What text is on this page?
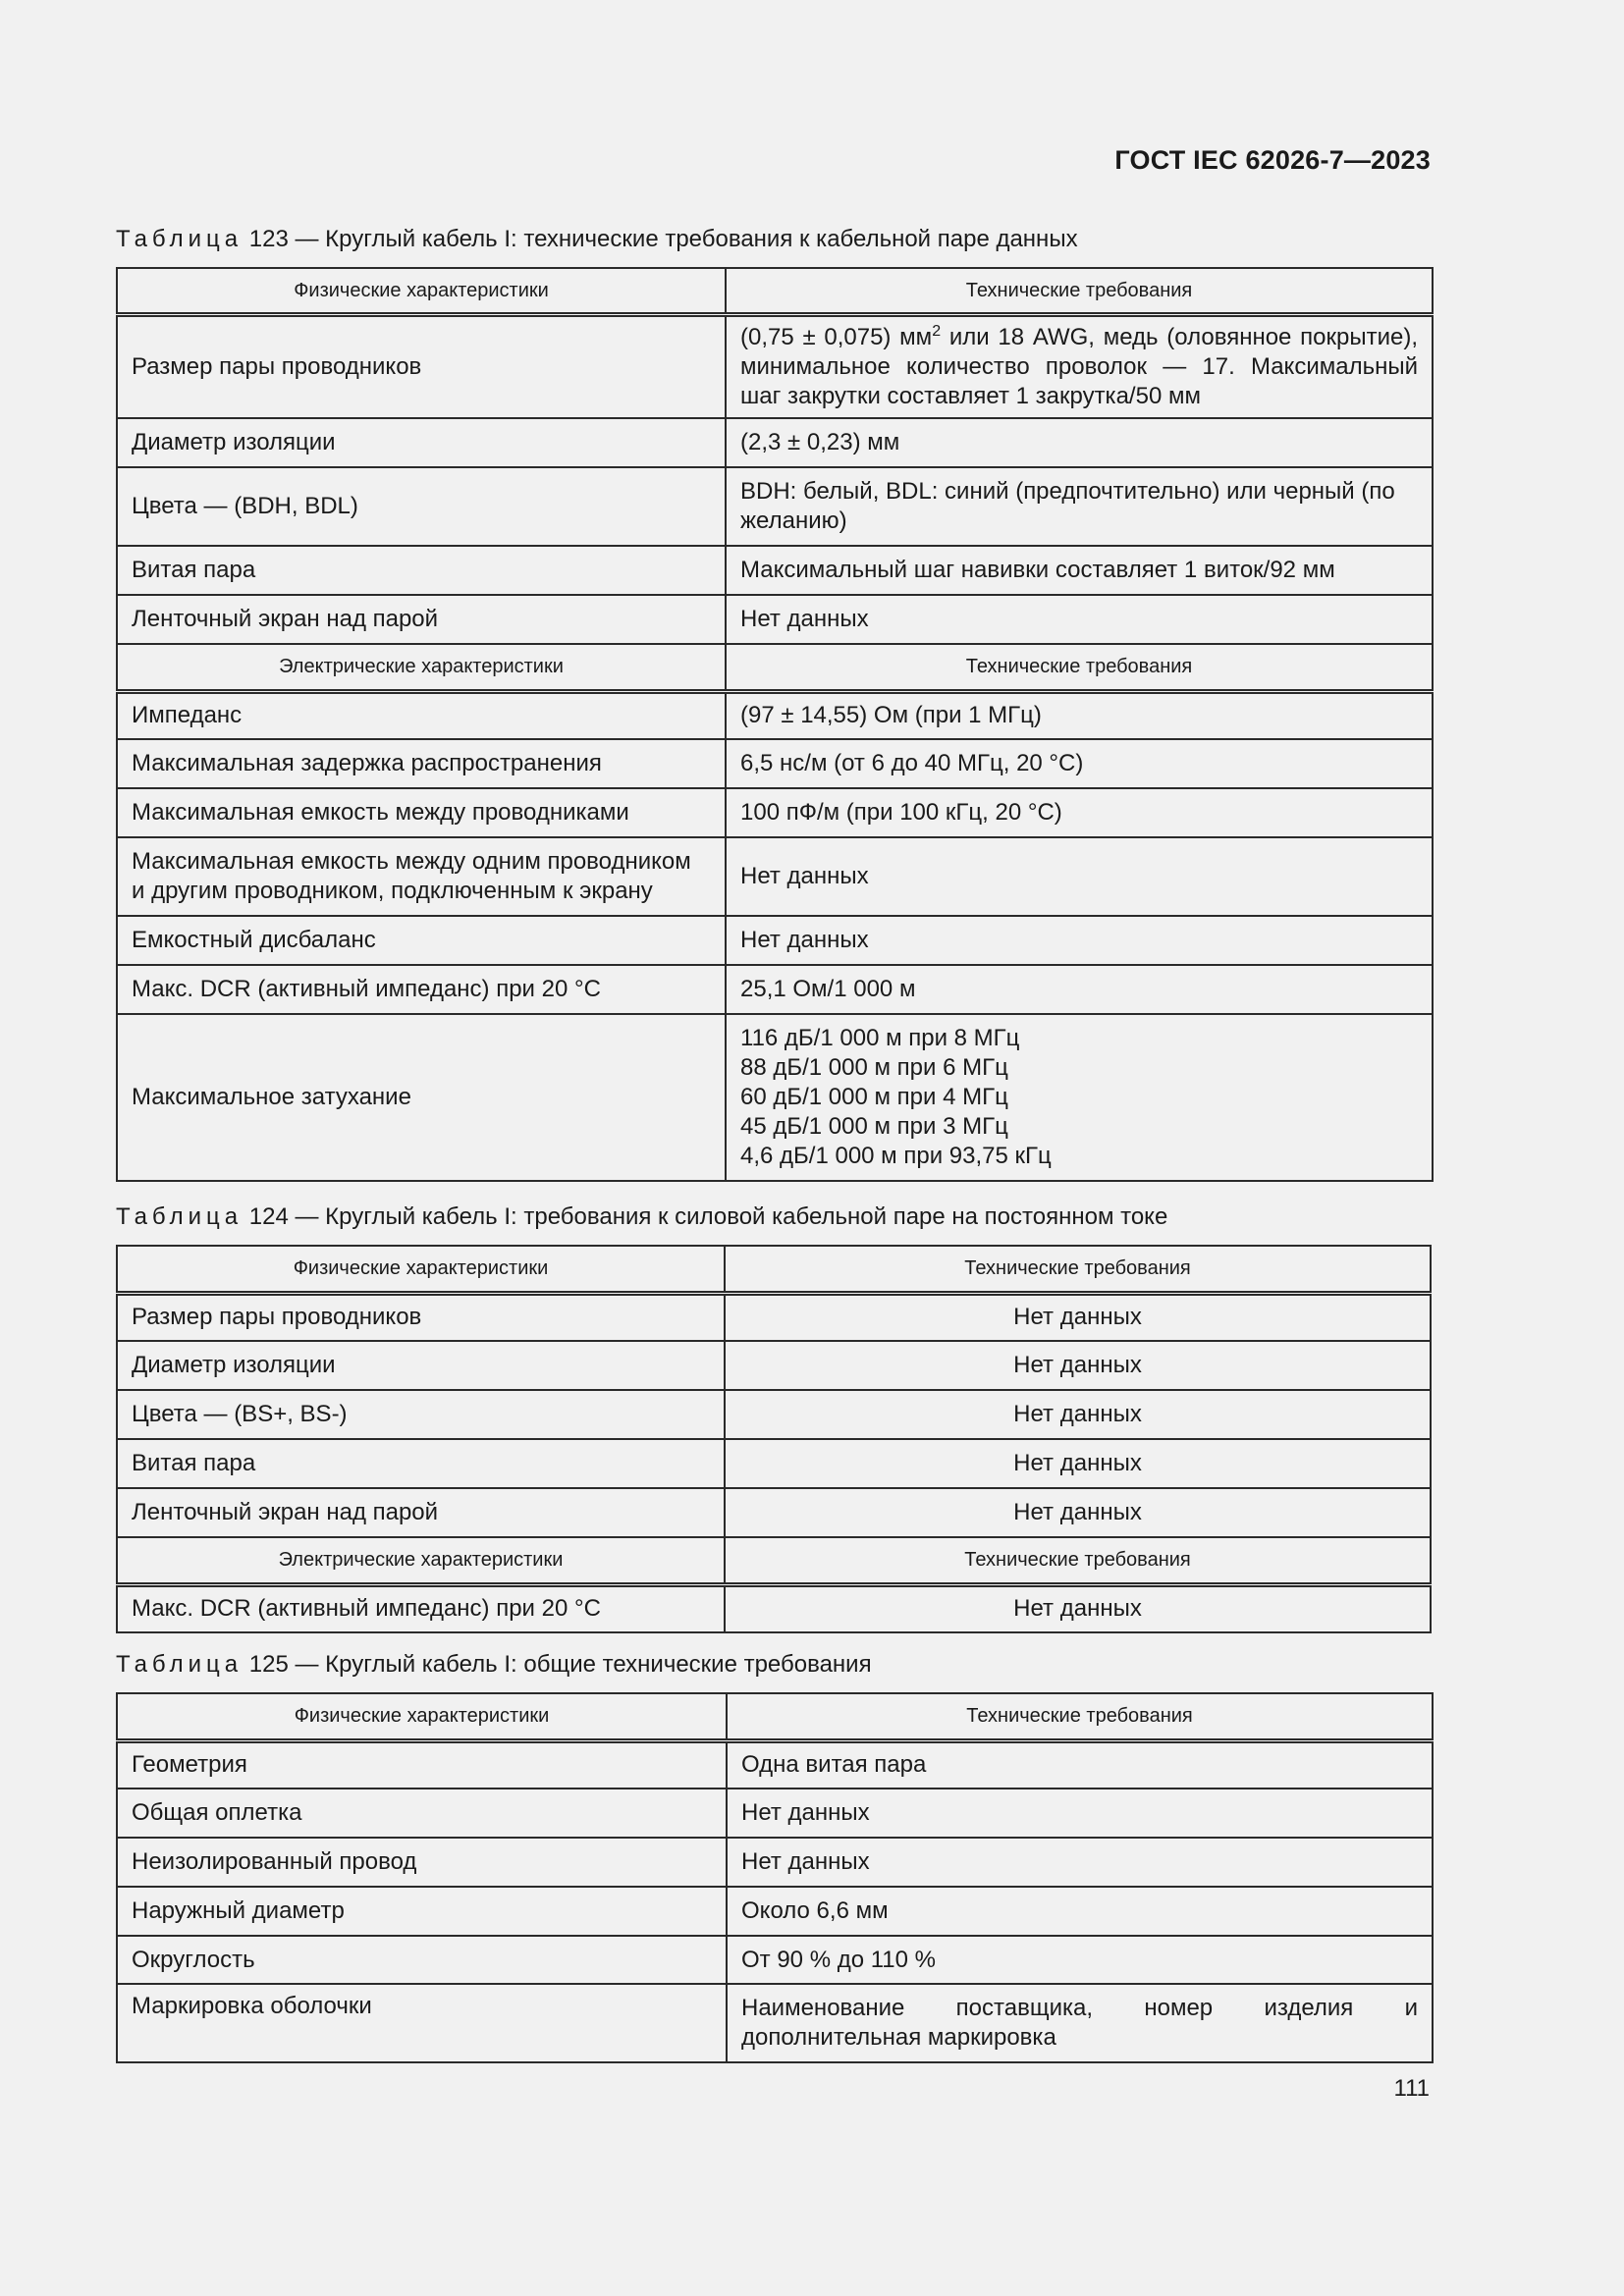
ГОСТ IEC 62026-7—2023
Таблица 123 — Круглый кабель I: технические требования к кабельной паре данных
Физические характеристики	Технические требования
Размер пары проводников	(0,75 ± 0,075) $мм^2$ или 18 AWG, медь (оловянное покрытие), минимальное количество проволок — 17. Максимальный шаг закрутки составляет 1 закрутка/50 мм
Диаметр изоляции	(2,3 ± 0,23) мм
Цвета — (BDH, BDL)	BDH: белый, BDL: синий (предпочтительно) или черный (по желанию)
Витая пара	Максимальный шаг навивки составляет 1 виток/92 мм
Ленточный экран над парой	Нет данных
Электрические характеристики	Технические требования
Импеданс	(97 ± 14,55) Ом (при 1 МГц)
Максимальная задержка распространения	6,5 нс/м (от 6 до 40 МГц, 20 °С)
Максимальная емкость между проводниками	100 пФ/м (при 100 кГц, 20 °С)
Максимальная емкость между одним проводником
и другим проводником, подключенным к экрану	Нет данных
Емкостный дисбаланс	Нет данных
Макс. DCR (активный импеданс) при 20 °С	25,1 Ом/1 000 м
Максимальное затухание	116 дБ/1 000 м при 8 МГц
88 дБ/1 000 м при 6 МГц
60 дБ/1 000 м при 4 МГц
45 дБ/1 000 м при 3 МГц
4,6 дБ/1 000 м при 93,75 кГц
Таблица 124 — Круглый кабель I: требования к силовой кабельной паре на постоянном токе
Физические характеристики	Технические требования
Размер пары проводников	Нет данных
Диаметр изоляции	Нет данных
Цвета — (BS+, BS-)	Нет данных
Витая пара	Нет данных
Ленточный экран над парой	Нет данных
Электрические характеристики	Технические требования
Макс. DCR (активный импеданс) при 20 °С	Нет данных
Таблица 125 — Круглый кабель I: общие технические требования
Физические характеристики	Технические требования
Геометрия	Одна витая пара
Общая оплетка	Нет данных
Неизолированный провод	Нет данных
Наружный диаметр	Около 6,6 мм
Округлость	От 90 % до 110 %
Маркировка оболочки	Наименование поставщика, номер изделия и дополнительная маркировка
111
